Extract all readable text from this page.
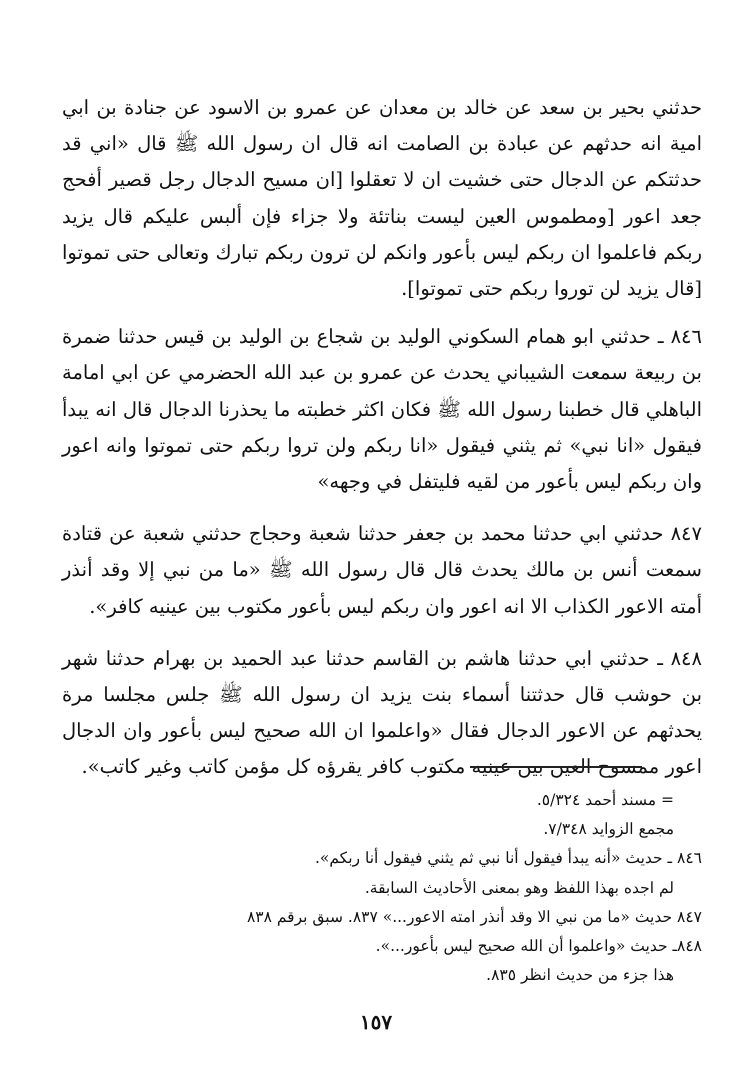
حدثني بحير بن سعد عن خالد بن معدان عن عمرو بن الاسود عن جنادة بن ابي امية انه حدثهم عن عبادة بن الصامت انه قال ان رسول الله ﷺ قال «اني قد حدثتكم عن الدجال حتى خشيت ان لا تعقلوا [ان مسيح الدجال رجل قصير أفحج جعد اعور [ومطموس العين ليست بناتئة ولا جزاء فإن ألبس عليكم قال يزيد ربكم فاعلموا ان ربكم ليس بأعور وانكم لن ترون ربكم تبارك وتعالى حتى تموتوا [قال يزيد لن توروا ربكم حتى تموتوا].

٨٤٦ ـ حدثني ابو همام السكوني الوليد بن شجاع بن الوليد بن قيس حدثنا ضمرة بن ربيعة سمعت الشيباني يحدث عن عمرو بن عبد الله الحضرمي عن ابي امامة الباهلي قال خطبنا رسول الله ﷺ فكان اكثر خطبته ما يحذرنا الدجال قال انه يبدأ فيقول «انا نبي» ثم يثني فيقول «انا ربكم ولن تروا ربكم حتى تموتوا وانه اعور وان ربكم ليس بأعور من لقيه فليتفل في وجهه»

٨٤٧ حدثني ابي حدثنا محمد بن جعفر حدثنا شعبة وحجاج حدثني شعبة عن قتادة سمعت أنس بن مالك يحدث قال قال رسول الله ﷺ «ما من نبي إلا وقد أنذر أمته الاعور الكذاب الا انه اعور وان ربكم ليس بأعور مكتوب بين عينيه كافر».

٨٤٨ ـ حدثني ابي حدثنا هاشم بن القاسم حدثنا عبد الحميد بن بهرام حدثنا شهر بن حوشب قال حدثتنا أسماء بنت يزيد ان رسول الله ﷺ جلس مجلسا مرة يحدثهم عن الاعور الدجال فقال «واعلموا ان الله صحيح ليس بأعور وان الدجال اعور ممسوح العين بين عينيه مكتوب كافر يقرؤه كل مؤمن كاتب وغير كاتب».

= مسند أحمد ٥/٣٢٤.

مجمع الزوايد ٧/٣٤٨.

٨٤٦ ـ حديث «أنه يبدأ فيقول أنا نبي ثم يثني فيقول أنا ربكم».

لم اجده بهذا اللفظ وهو بمعنى الأحاديث السابقة.

٨٤٧ حديث «ما من نبي الا وقد أنذر امته الاعور...» ٨٣٧. سبق برقم ٨٣٨

٨٤٨ـ حديث «واعلموا أن الله صحيح ليس بأعور...».

هذا جزء من حديث انظر ٨٣٥.

١٥٧
